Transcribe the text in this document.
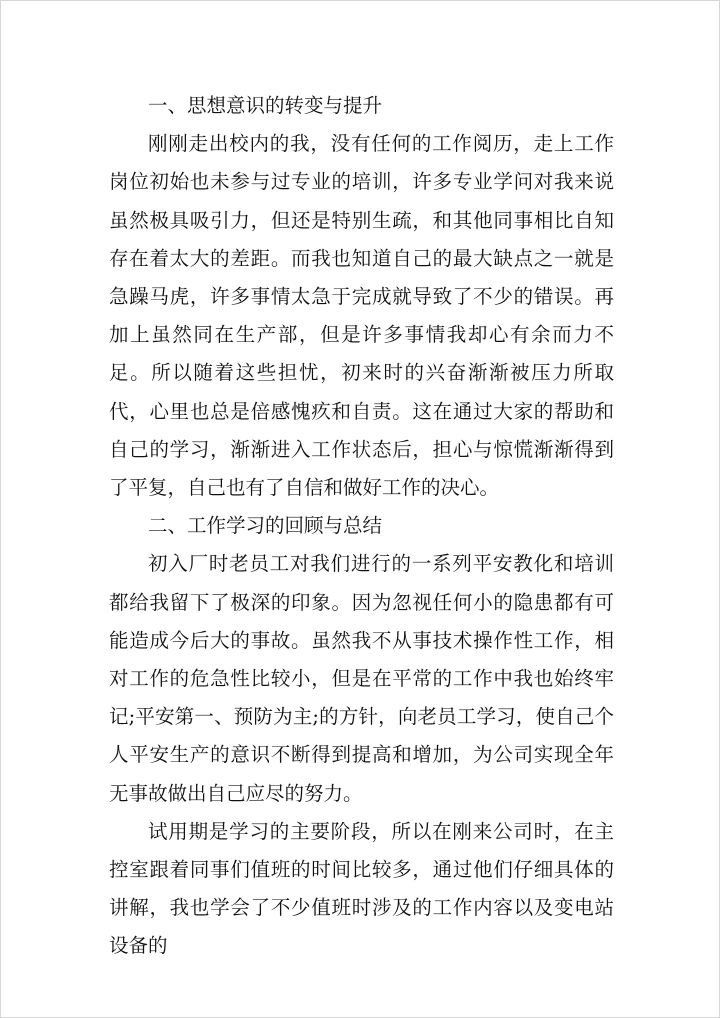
一、思想意识的转变与提升

刚刚走出校内的我，没有任何的工作阅历，走上工作岗位初始也未参与过专业的培训，许多专业学问对我来说虽然极具吸引力，但还是特别生疏，和其他同事相比自知存在着太大的差距。而我也知道自己的最大缺点之一就是急躁马虎，许多事情太急于完成就导致了不少的错误。再加上虽然同在生产部，但是许多事情我却心有余而力不足。所以随着这些担忧，初来时的兴奋渐渐被压力所取代，心里也总是倍感愧疚和自责。这在通过大家的帮助和自己的学习，渐渐进入工作状态后，担心与惊慌渐渐得到了平复，自己也有了自信和做好工作的决心。

二、工作学习的回顾与总结

初入厂时老员工对我们进行的一系列平安教化和培训都给我留下了极深的印象。因为忽视任何小的隐患都有可能造成今后大的事故。虽然我不从事技术操作性工作，相对工作的危急性比较小，但是在平常的工作中我也始终牢记;平安第一、预防为主;的方针，向老员工学习，使自己个人平安生产的意识不断得到提高和增加，为公司实现全年无事故做出自己应尽的努力。

试用期是学习的主要阶段，所以在刚来公司时，在主控室跟着同事们值班的时间比较多，通过他们仔细具体的讲解，我也学会了不少值班时涉及的工作内容以及变电站设备的
